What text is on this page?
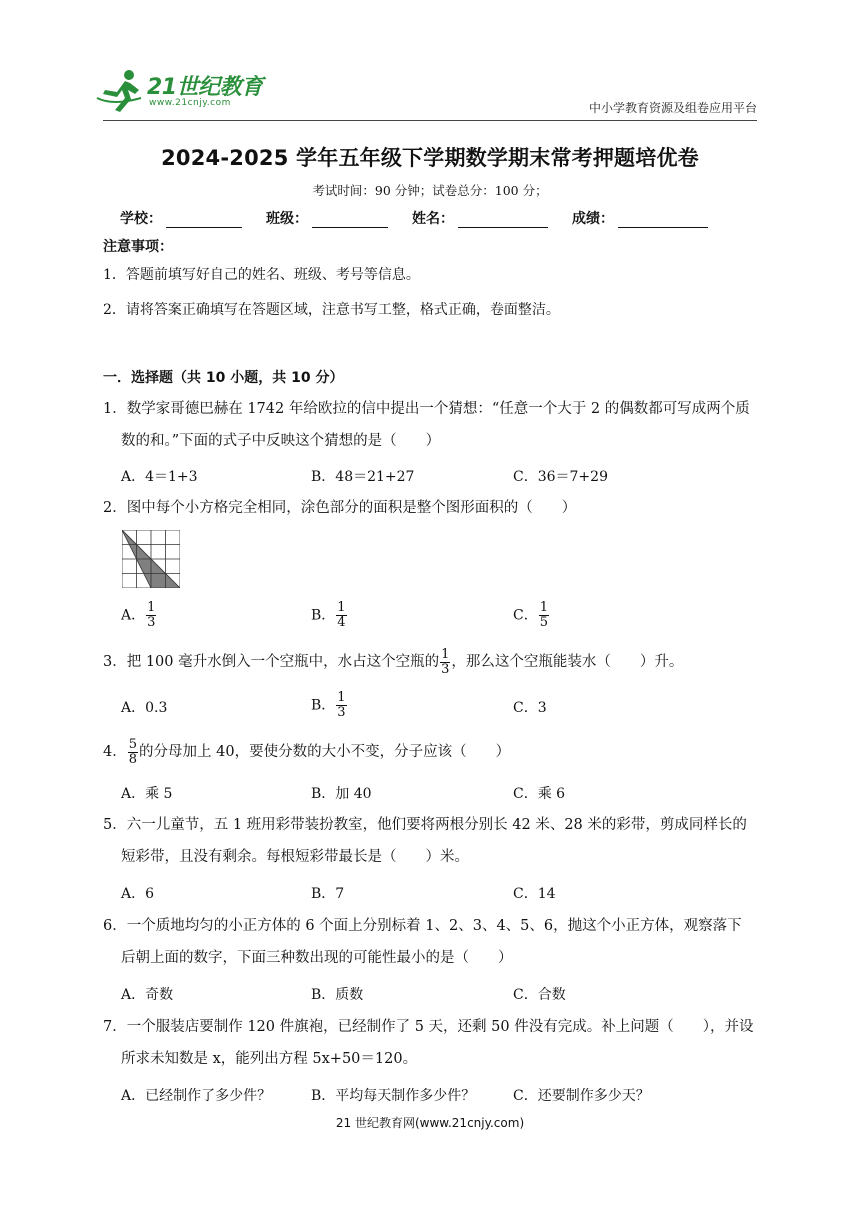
21世纪教育
www.21cnjy.com	中小学教育资源及组卷应用平台
2024-2025 学年五年级下学期数学期末常考押题培优卷
考试时间：90 分钟；试卷总分：100 分；
学校：	班级：	姓名：	成绩：
注意事项：
1．答题前填写好自己的姓名、班级、考号等信息。
2．请将答案正确填写在答题区域，注意书写工整，格式正确，卷面整洁。
一．选择题（共 10 小题，共 10 分）
1．数学家哥德巴赫在 1742 年给欧拉的信中提出一个猜想：“任意一个大于 2 的偶数都可写成两个质
数的和。”下面的式子中反映这个猜想的是（　　）
A．4＝1+3	B．48＝21+27	C．36＝7+29
2．图中每个小方格完全相同，涂色部分的面积是整个图形面积的（　　）
A． $\frac{1}{3}$	B． $\frac{1}{4}$	C． $\frac{1}{5}$
3．把 100 毫升水倒入一个空瓶中，水占这个空瓶的 $\frac{1}{3}$ ，那么这个空瓶能装水（　　）升。
A．0.3	B． $\frac{1}{3}$	C．3
4． $\frac{5}{8}$ 的分母加上 40，要使分数的大小不变，分子应该（　　）
A．乘 5	B．加 40	C．乘 6
5．六一儿童节，五 1 班用彩带装扮教室，他们要将两根分别长 42 米、28 米的彩带，剪成同样长的
短彩带，且没有剩余。每根短彩带最长是（　　）米。
A．6	B．7	C．14
6．一个质地均匀的小正方体的 6 个面上分别标着 1、2、3、4、5、6，抛这个小正方体，观察落下
后朝上面的数字，下面三种数出现的可能性最小的是（　　）
A．奇数	B．质数	C．合数
7．一个服装店要制作 120 件旗袍，已经制作了 5 天，还剩 50 件没有完成。补上问题（　　），并设
所求未知数是 x，能列出方程 5x+50＝120。
A．已经制作了多少件？	B．平均每天制作多少件？	C．还要制作多少天？
21 世纪教育网(www.21cnjy.com)
